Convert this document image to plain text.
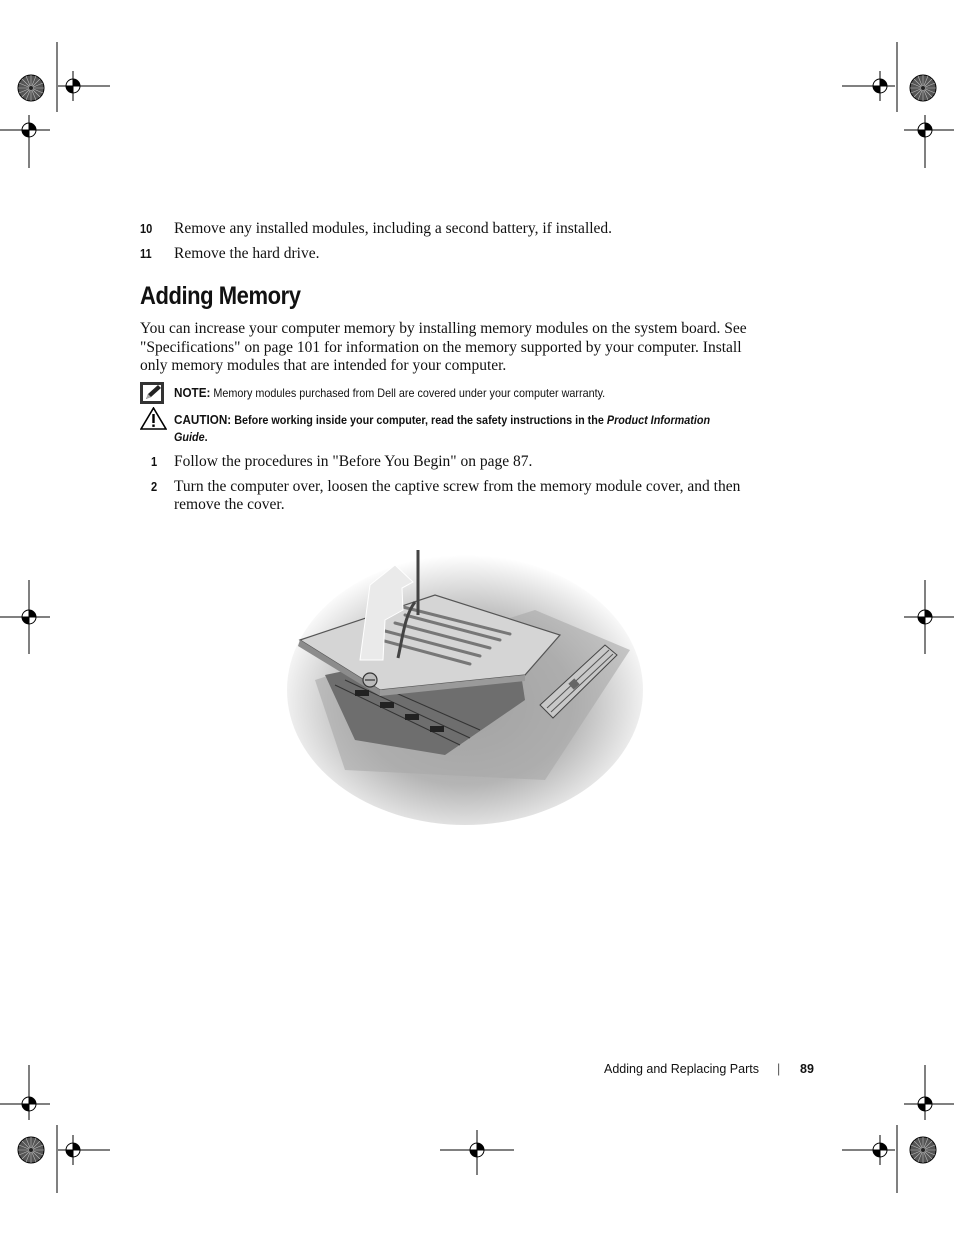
10	Remove any installed modules, including a second battery, if installed.
11	Remove the hard drive.
Adding Memory
You can increase your computer memory by installing memory modules on the system board. See "Specifications" on page 101 for information on the memory supported by your computer. Install only memory modules that are intended for your computer.
NOTE: Memory modules purchased from Dell are covered under your computer warranty.
CAUTION: Before working inside your computer, read the safety instructions in the Product Information Guide.
1	Follow the procedures in "Before You Begin" on page 87.
2	Turn the computer over, loosen the captive screw from the memory module cover, and then remove the cover.
Adding and Replacing Parts | 89
